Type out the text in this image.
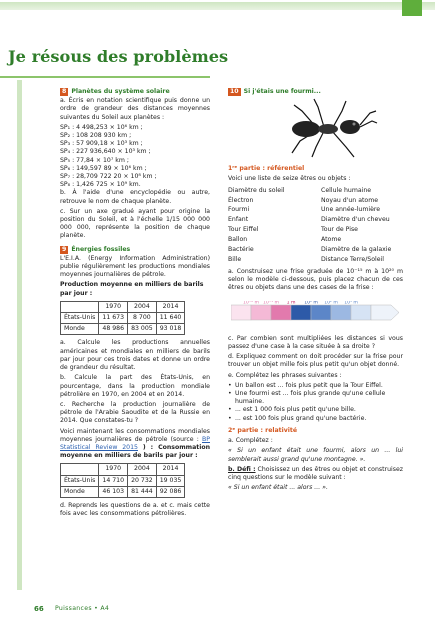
Je résous des problèmes
8 Planètes du système solaire

a. Écris en notation scientifique puis donne un ordre de grandeur des distances moyennes suivantes du Soleil aux planètes :

SP₁ : 4 498,253 × 10⁶ km ;
SP₂ : 108 208 930 km ;
SP₃ : 57 909,18 × 10³ km ;
SP₄ : 227 936,640 × 10³ km ;
SP₅ : 77,84 × 10⁷ km ;
SP₆ : 149,597 89 × 10⁶ km ;
SP₇ : 28,709 722 20 × 10⁸ km ;
SP₈ : 1,426 725 × 10⁹ km.

b. À l'aide d'une encyclopédie ou autre, retrouve le nom de chaque planète.

c. Sur un axe gradué ayant pour origine la position du Soleil, et à l'échelle 1/15 000 000 000 000, représente la position de chaque planète.

9 Énergies fossiles

L'E.I.A. (Energy Information Administration) publie régulièrement les productions mondiales moyennes journalières de pétrole.

Production moyenne en milliers de barils par jour :

	1970	2004	2014
États-Unis	11 673	8 700	11 640
Monde	48 986	83 005	93 018

a. Calcule les productions annuelles américaines et mondiales en milliers de barils par jour pour ces trois dates et donne un ordre de grandeur du résultat.

b. Calcule la part des États-Unis, en pourcentage, dans la production mondiale pétrolière en 1970, en 2004 et en 2014.

c. Recherche la production journalière de pétrole de l'Arabie Saoudite et de la Russie en 2014. Que constates-tu ?

Voici maintenant les consommations mondiales moyennes journalières de pétrole (source : BP Statistical Review 2015 ) : Consommation moyenne en milliers de barils par jour :

	1970	2004	2014
États-Unis	14 710	20 732	19 035
Monde	46 103	81 444	92 086

d. Reprends les questions de a. et c. mais cette fois avec les consommations pétrolières.

10 Si j'étais une fourmi...

1ʳᵉ partie : référentiel

Voici une liste de seize êtres ou objets :

Diamètre du soleil	Cellule humaine
Électron	Noyau d'un atome
Fourmi	Une année-lumière
Enfant	Diamètre d'un cheveu
Tour Eiffel	Tour de Pise
Ballon	Atome
Bactérie	Diamètre de la galaxie
Bille	Distance Terre/Soleil

a. Construisez une frise graduée de 10⁻¹⁵ m à 10²⁰ m selon le modèle ci-dessous, puis placez chacun de ces êtres ou objets dans une des cases de la frise :

10⁻² m 10⁻¹ m 1 m 10¹ m 10² m 10³ m

c. Par combien sont multipliées les distances si vous passez d'une case à la case située à sa droite ?

d. Expliquez comment on doit procéder sur la frise pour trouver un objet mille fois plus petit qu'un objet donné.

e. Complétez les phrases suivantes :

• Un ballon est ... fois plus petit que la Tour Eiffel.
• Une fourmi est ... fois plus grande qu'une cellule humaine.
• ... est 1 000 fois plus petit qu'une bille.
• ... est 100 fois plus grand qu'une bactérie.

2ᵉ partie : relativité

a. Complétez :

« Si un enfant était une fourmi, alors un ... lui semblerait aussi grand qu'une montagne. ».

b. Défi : Choisissez un des êtres ou objet et construisez cinq questions sur le modèle suivant :

« Si un enfant était ... alors ... ».

66 Puissances • A4
